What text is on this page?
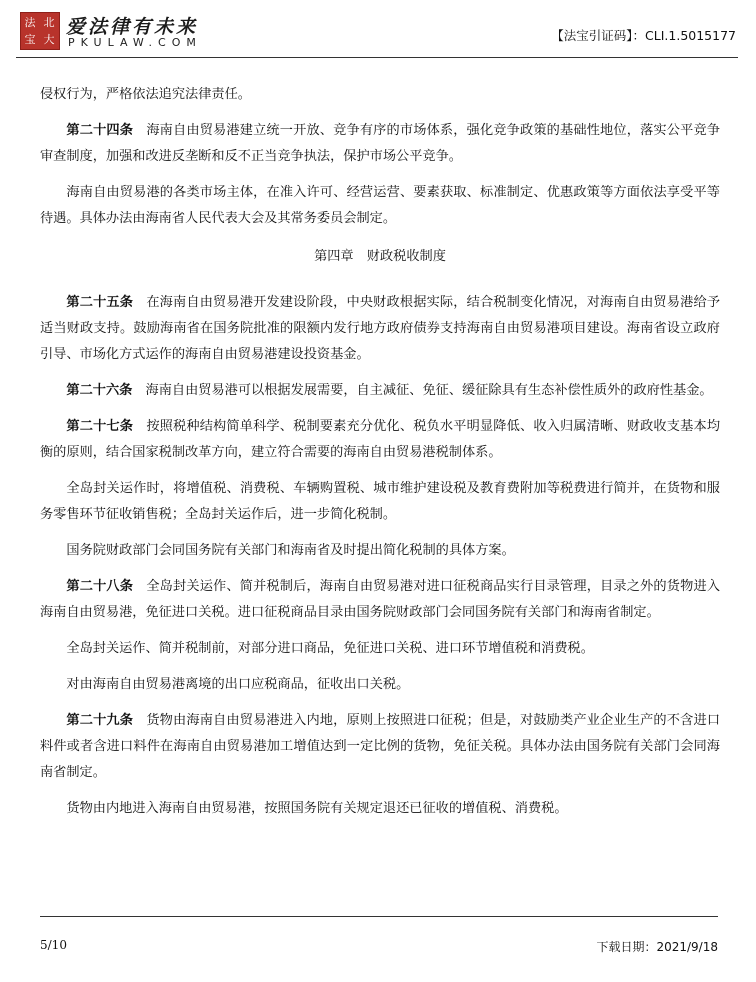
法 北
宝 大
爱法律有未来
PKULAW.COM	【法宝引证码】：CLI.1.5015177

侵权行为，严格依法追究法律责任。

第二十四条 海南自由贸易港建立统一开放、竞争有序的市场体系，强化竞争政策的基础性地位，落实公平竞争审查制度，加强和改进反垄断和反不正当竞争执法，保护市场公平竞争。

海南自由贸易港的各类市场主体，在准入许可、经营运营、要素获取、标准制定、优惠政策等方面依法享受平等待遇。具体办法由海南省人民代表大会及其常务委员会制定。

第四章　财政税收制度

第二十五条 在海南自由贸易港开发建设阶段，中央财政根据实际，结合税制变化情况，对海南自由贸易港给予适当财政支持。鼓励海南省在国务院批准的限额内发行地方政府债券支持海南自由贸易港项目建设。海南省设立政府引导、市场化方式运作的海南自由贸易港建设投资基金。

第二十六条 海南自由贸易港可以根据发展需要，自主减征、免征、缓征除具有生态补偿性质外的政府性基金。

第二十七条 按照税种结构简单科学、税制要素充分优化、税负水平明显降低、收入归属清晰、财政收支基本均衡的原则，结合国家税制改革方向，建立符合需要的海南自由贸易港税制体系。

全岛封关运作时，将增值税、消费税、车辆购置税、城市维护建设税及教育费附加等税费进行简并，在货物和服务零售环节征收销售税；全岛封关运作后，进一步简化税制。

国务院财政部门会同国务院有关部门和海南省及时提出简化税制的具体方案。

第二十八条 全岛封关运作、简并税制后，海南自由贸易港对进口征税商品实行目录管理，目录之外的货物进入海南自由贸易港，免征进口关税。进口征税商品目录由国务院财政部门会同国务院有关部门和海南省制定。

全岛封关运作、简并税制前，对部分进口商品，免征进口关税、进口环节增值税和消费税。

对由海南自由贸易港离境的出口应税商品，征收出口关税。

第二十九条 货物由海南自由贸易港进入内地，原则上按照进口征税；但是，对鼓励类产业企业生产的不含进口料件或者含进口料件在海南自由贸易港加工增值达到一定比例的货物，免征关税。具体办法由国务院有关部门会同海南省制定。

货物由内地进入海南自由贸易港，按照国务院有关规定退还已征收的增值税、消费税。

5/10	下载日期：2021/9/18
